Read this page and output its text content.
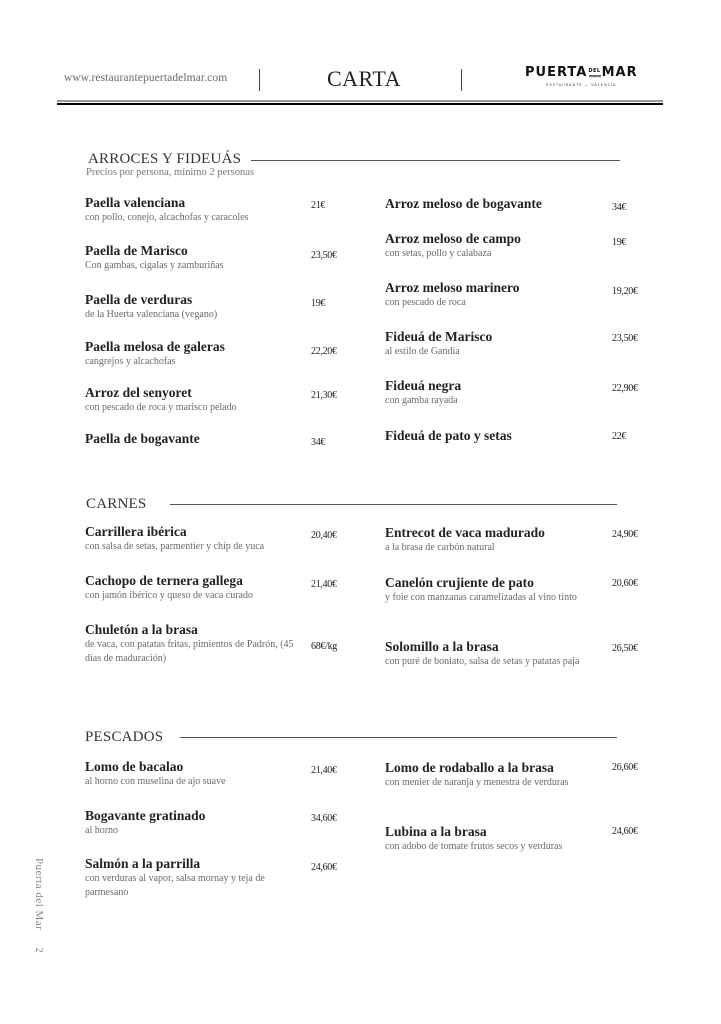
www.restaurantepuertadelmar.com	CARTA	PUERTA DEL
≈≈≈ MAR
RESTAURANTE — VALENCIA
ARROCES Y FIDEUÁS
Precios por persona, mínimo 2 personas
Paella valenciana
con pollo, conejo, alcachofas y caracoles
21€
Paella de Marisco
Con gambas, cigalas y zamburiñas
23,50€
Paella de verduras
de la Huerta valenciana (vegano)
19€
Paella melosa de galeras
cangrejos y alcachofas
22,20€
Arroz del senyoret
con pescado de roca y marisco pelado
21,30€
Paella de bogavante	34€
Arroz meloso de bogavante	34€
Arroz meloso de campo
con setas, pollo y calabaza
19€
Arroz meloso marinero
con pescado de roca
19,20€
Fideuá de Marisco
al estilo de Gandía
23,50€
Fideuá negra
con gamba rayada
22,90€
Fideuá de pato y setas	22€
CARNES
Carrillera ibérica
con salsa de setas, parmentier y chip de yuca
20,40€
Cachopo de ternera gallega
con jamón ibérico y queso de vaca curado
21,40€
Chuletón a la brasa
de vaca, con patatas fritas, pimientos de Padrón, (45 dias de maduración)
68€/kg
Entrecot de vaca madurado
a la brasa de carbón natural
24,90€
Canelón crujiente de pato
y foie con manzanas caramelizadas al vino tinto
20,60€
Solomillo a la brasa
con puré de boniato, salsa de setas y patatas paja
26,50€
PESCADOS
Lomo de bacalao
al horno con muselina de ajo suave
21,40€
Bogavante gratinado
al horno
34,60€
Salmón a la parrilla
con verduras al vapor, salsa mornay y teja de parmesano
24,60€
Lomo de rodaballo a la brasa
con menier de naranja y menestra de verduras
26,60€
Lubina a la brasa
con adobo de tomate frutos secos y verduras
24,60€
Puerta del Mar
2
